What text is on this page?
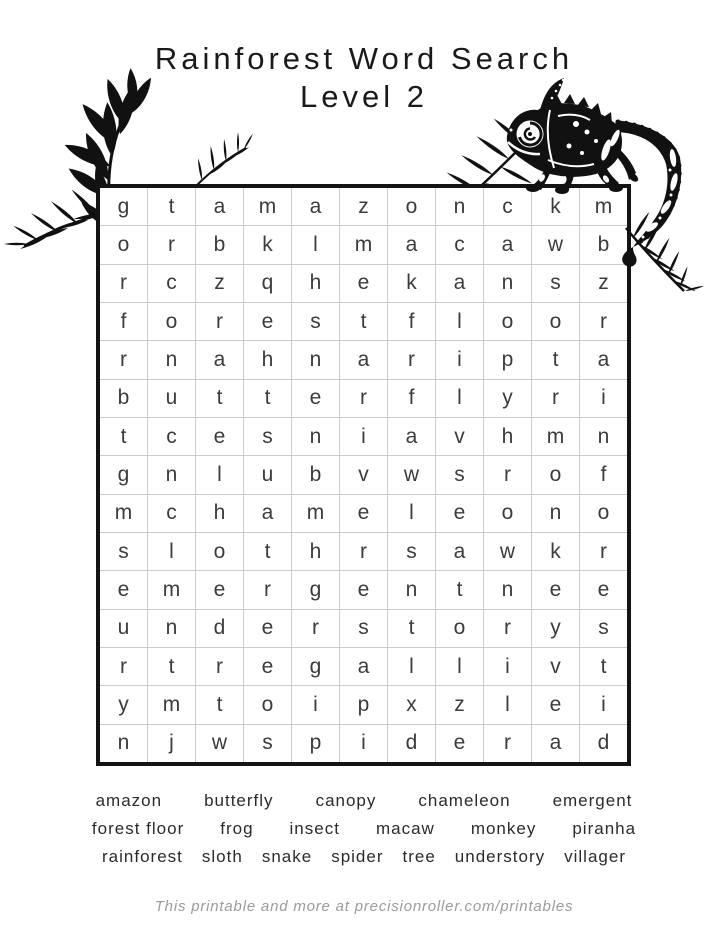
Rainforest Word Search
Level 2
g	t	a	m	a	z	o	n	c	k	m
o	r	b	k	l	m	a	c	a	w	b
r	c	z	q	h	e	k	a	n	s	z
f	o	r	e	s	t	f	l	o	o	r
r	n	a	h	n	a	r	i	p	t	a
b	u	t	t	e	r	f	l	y	r	i
t	c	e	s	n	i	a	v	h	m	n
g	n	l	u	b	v	w	s	r	o	f
m	c	h	a	m	e	l	e	o	n	o
s	l	o	t	h	r	s	a	w	k	r
e	m	e	r	g	e	n	t	n	e	e
u	n	d	e	r	s	t	o	r	y	s
r	t	r	e	g	a	l	l	i	v	t
y	m	t	o	i	p	x	z	l	e	i
n	j	w	s	p	i	d	e	r	a	d
amazon butterfly canopy chameleon emergent
forest floor frog insect macaw monkey piranha
rainforest sloth snake spider tree understory villager
This printable and more at precisionroller.com/printables
